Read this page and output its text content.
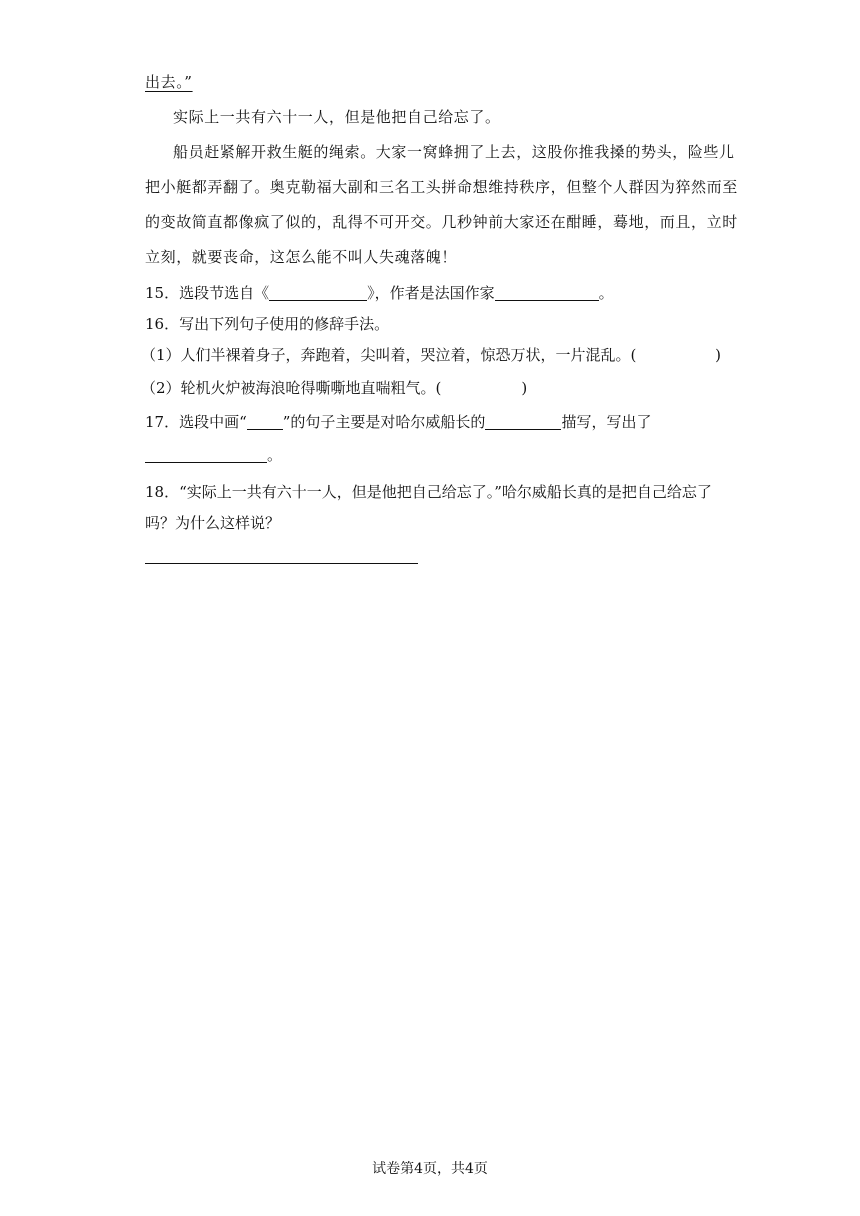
出去。”
实际上一共有六十一人，但是他把自己给忘了。
船员赶紧解开救生艇的绳索。大家一窝蜂拥了上去，这股你推我搡的势头，险些儿
把小艇都弄翻了。奥克勒福大副和三名工头拼命想维持秩序，但整个人群因为猝然而至
的变故简直都像疯了似的，乱得不可开交。几秒钟前大家还在酣睡，蓦地，而且，立时
立刻，就要丧命，这怎么能不叫人失魂落魄！
15．选段节选自《	》，作者是法国作家	。
16．写出下列句子使用的修辞手法。
（1）人们半裸着身子，奔跑着，尖叫着，哭泣着，惊恐万状，一片混乱。(	)
（2）轮机火炉被海浪呛得嘶嘶地直喘粗气。(	)
17．选段中画“ ”的句子主要是对哈尔威船长的	描写，写出了
。
18．“实际上一共有六十一人，但是他把自己给忘了。”哈尔威船长真的是把自己给忘了
吗？为什么这样说？
试卷第4页，共4页
